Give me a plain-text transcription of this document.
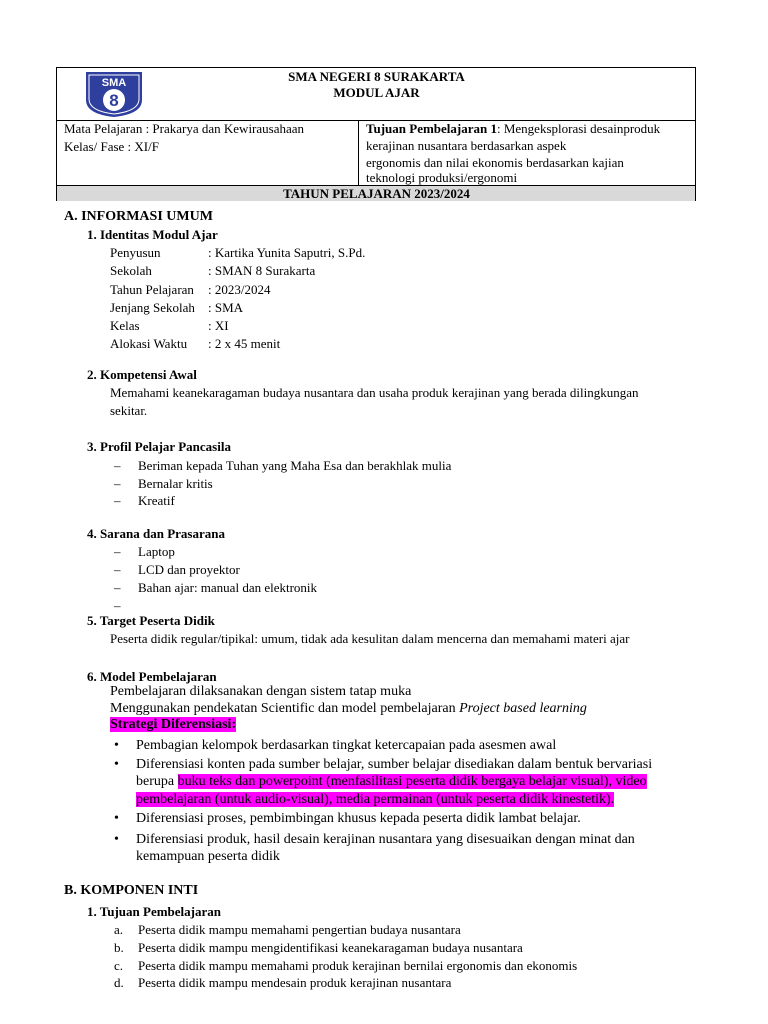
SMA
8
SMA NEGERI 8 SURAKARTA
MODUL AJAR
Mata Pelajaran : Prakarya dan Kewirausahaan
Kelas/ Fase : XI/F
Tujuan Pembelajaran 1: Mengeksplorasi desainproduk
kerajinan nusantara berdasarkan aspek
ergonomis dan nilai ekonomis berdasarkan kajian
teknologi produksi/ergonomi
TAHUN PELAJARAN 2023/2024
A. INFORMASI UMUM
1. Identitas Modul Ajar
Penyusun	: Kartika Yunita Saputri, S.Pd.
Sekolah	: SMAN 8 Surakarta
Tahun Pelajaran : 2023/2024
Jenjang Sekolah : SMA
Kelas	: XI
Alokasi Waktu : 2 x 45 menit
2. Kompetensi Awal
Memahami keanekaragaman budaya nusantara dan usaha produk kerajinan yang berada dilingkungan
sekitar.
3. Profil Pelajar Pancasila
– Beriman kepada Tuhan yang Maha Esa dan berakhlak mulia
– Bernalar kritis
– Kreatif
4. Sarana dan Prasarana
– Laptop
– LCD dan proyektor
– Bahan ajar: manual dan elektronik
–
5. Target Peserta Didik
Peserta didik regular/tipikal: umum, tidak ada kesulitan dalam mencerna dan memahami materi ajar
6. Model Pembelajaran
Pembelajaran dilaksanakan dengan sistem tatap muka
Menggunakan pendekatan Scientific dan model pembelajaran Project based learning
Strategi Diferensiasi:
• Pembagian kelompok berdasarkan tingkat ketercapaian pada asesmen awal
• Diferensiasi konten pada sumber belajar, sumber belajar disediakan dalam bentuk bervariasi
berupa buku teks dan powerpoint (menfasilitasi peserta didik bergaya belajar visual), video
pembelajaran (untuk audio-visual), media permainan (untuk peserta didik kinestetik).
• Diferensiasi proses, pembimbingan khusus kepada peserta didik lambat belajar.
• Diferensiasi produk, hasil desain kerajinan nusantara yang disesuaikan dengan minat dan
kemampuan peserta didik
B. KOMPONEN INTI
1. Tujuan Pembelajaran
a. Peserta didik mampu memahami pengertian budaya nusantara
b. Peserta didik mampu mengidentifikasi keanekaragaman budaya nusantara
c. Peserta didik mampu memahami produk kerajinan bernilai ergonomis dan ekonomis
d. Peserta didik mampu mendesain produk kerajinan nusantara
